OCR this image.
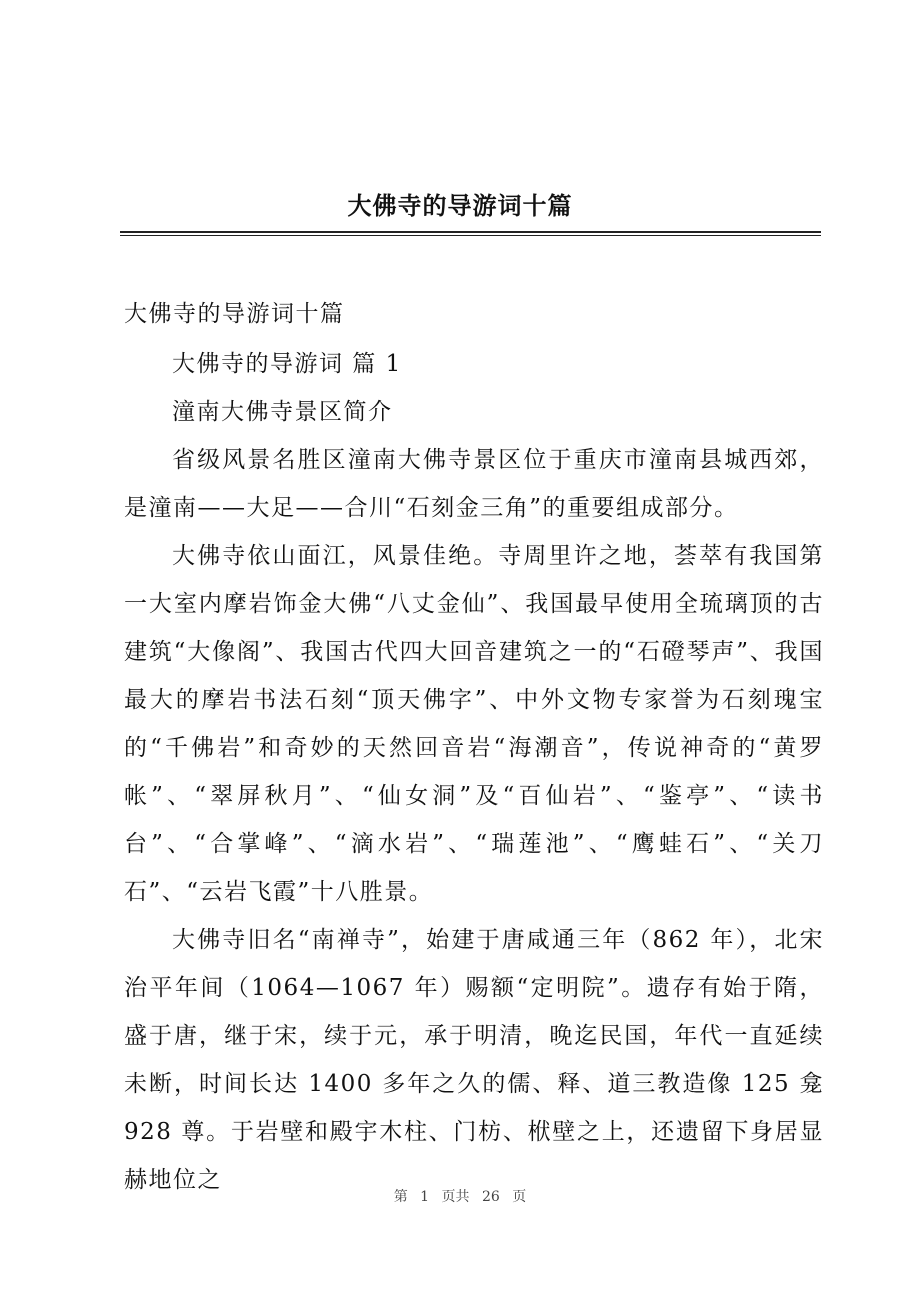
大佛寺的导游词十篇

大佛寺的导游词十篇

大佛寺的导游词 篇 1

潼南大佛寺景区简介

省级风景名胜区潼南大佛寺景区位于重庆市潼南县城西郊，是潼南——大足——合川“石刻金三角”的重要组成部分。

大佛寺依山面江，风景佳绝。寺周里许之地，荟萃有我国第一大室内摩岩饰金大佛“八丈金仙”、我国最早使用全琉璃顶的古建筑“大像阁”、我国古代四大回音建筑之一的“石磴琴声”、我国最大的摩岩书法石刻“顶天佛字”、中外文物专家誉为石刻瑰宝的“千佛岩”和奇妙的天然回音岩“海潮音”，传说神奇的“黄罗帐”、“翠屏秋月”、“仙女洞”及“百仙岩”、“鉴亭”、“读书台”、“合掌峰”、“滴水岩”、“瑞莲池”、“鹰蛙石”、“关刀石”、“云岩飞霞”十八胜景。

大佛寺旧名“南禅寺”，始建于唐咸通三年（862 年），北宋治平年间（1064—1067 年）赐额“定明院”。遗存有始于隋，盛于唐，继于宋，续于元，承于明清，晚迄民国，年代一直延续未断，时间长达 1400 多年之久的儒、释、道三教造像 125 龛 928 尊。于岩壁和殿宇木柱、门枋、栿壁之上，还遗留下身居显赫地位之

第 1 页共 26 页
